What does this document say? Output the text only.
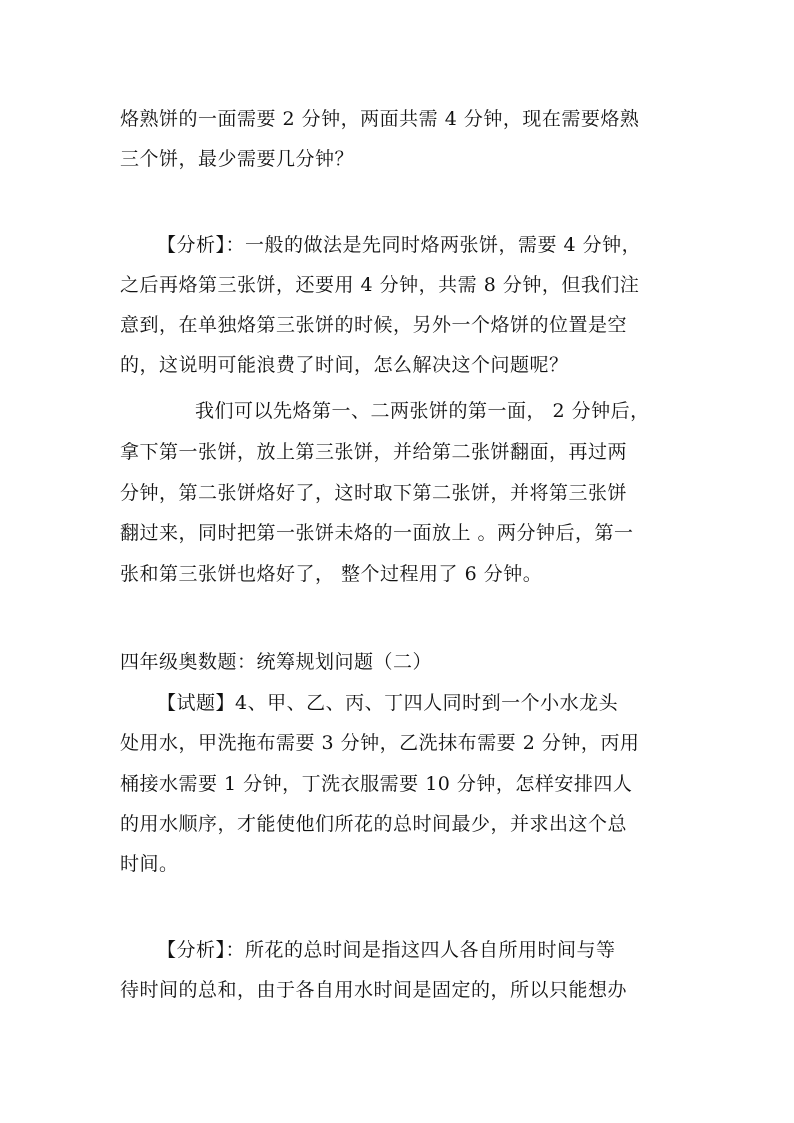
烙熟饼的一面需要 2 分钟，两面共需 4 分钟，现在需要烙熟
三个饼，最少需要几分钟？
【分析】：一般的做法是先同时烙两张饼，需要 4 分钟，
之后再烙第三张饼，还要用 4 分钟，共需 8 分钟，但我们注
意到，在单独烙第三张饼的时候，另外一个烙饼的位置是空
的，这说明可能浪费了时间，怎么解决这个问题呢？
我们可以先烙第一、二两张饼的第一面， 2 分钟后，
拿下第一张饼，放上第三张饼，并给第二张饼翻面，再过两
分钟，第二张饼烙好了，这时取下第二张饼，并将第三张饼
翻过来，同时把第一张饼未烙的一面放上 。两分钟后，第一
张和第三张饼也烙好了， 整个过程用了 6 分钟。
四年级奥数题：统筹规划问题（二）
【试题】4、甲、乙、丙、丁四人同时到一个小水龙头
处用水，甲洗拖布需要 3 分钟，乙洗抹布需要 2 分钟，丙用
桶接水需要 1 分钟，丁洗衣服需要 10 分钟，怎样安排四人
的用水顺序，才能使他们所花的总时间最少，并求出这个总
时间。
【分析】：所花的总时间是指这四人各自所用时间与等
待时间的总和，由于各自用水时间是固定的，所以只能想办
